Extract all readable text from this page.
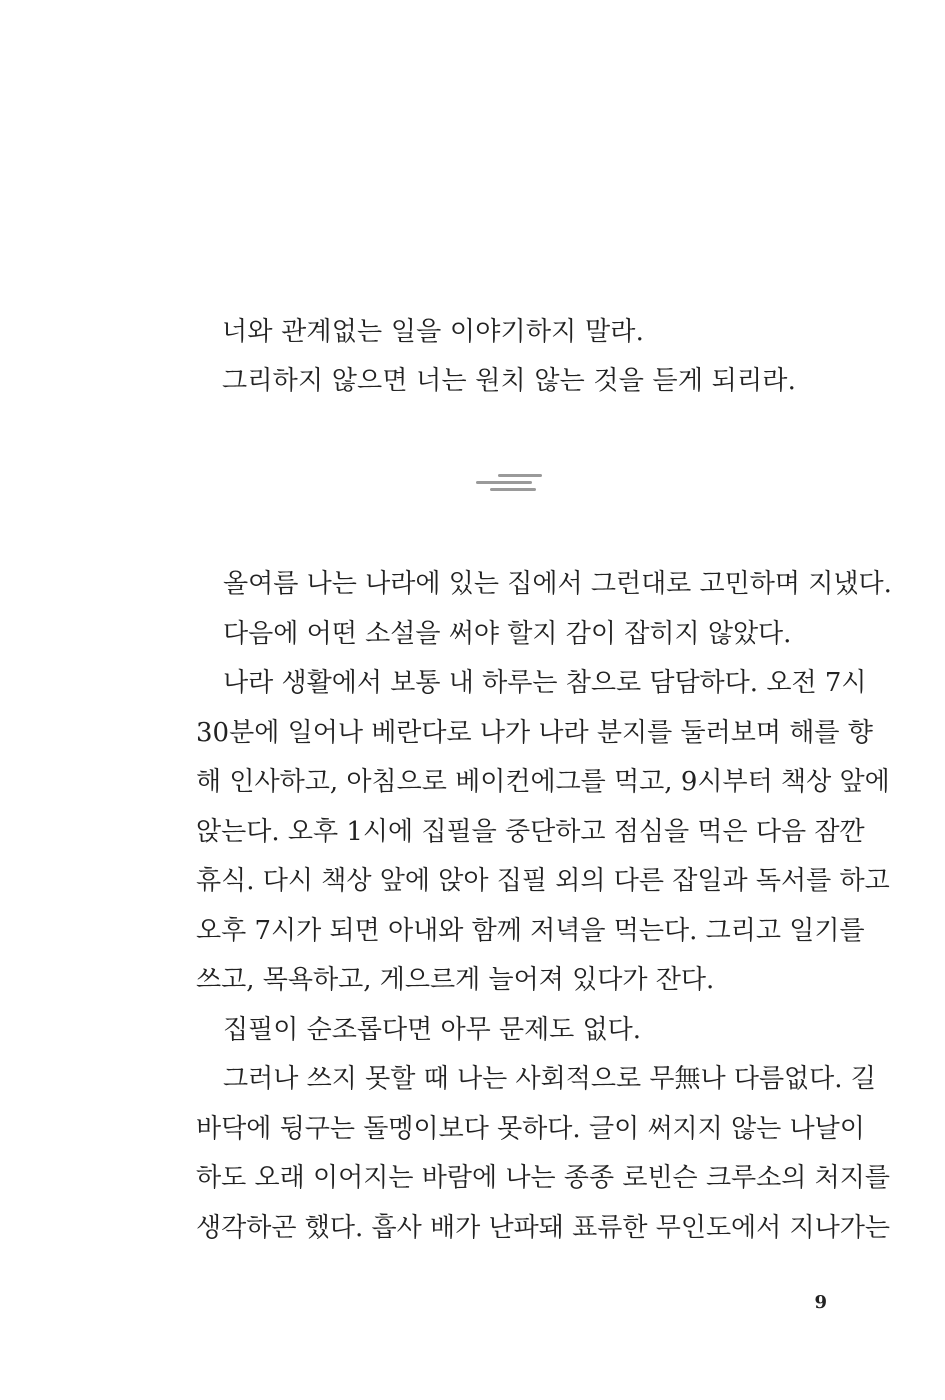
너와 관계없는 일을 이야기하지 말라.
그리하지 않으면 너는 원치 않는 것을 듣게 되리라.
올여름 나는 나라에 있는 집에서 그런대로 고민하며 지냈다.
다음에 어떤 소설을 써야 할지 감이 잡히지 않았다.
나라 생활에서 보통 내 하루는 참으로 담담하다. 오전 7시
30분에 일어나 베란다로 나가 나라 분지를 둘러보며 해를 향
해 인사하고, 아침으로 베이컨에그를 먹고, 9시부터 책상 앞에
앉는다. 오후 1시에 집필을 중단하고 점심을 먹은 다음 잠깐
휴식. 다시 책상 앞에 앉아 집필 외의 다른 잡일과 독서를 하고
오후 7시가 되면 아내와 함께 저녁을 먹는다. 그리고 일기를
쓰고, 목욕하고, 게으르게 늘어져 있다가 잔다.
집필이 순조롭다면 아무 문제도 없다.
그러나 쓰지 못할 때 나는 사회적으로 무無나 다름없다. 길
바닥에 뒹구는 돌멩이보다 못하다. 글이 써지지 않는 나날이
하도 오래 이어지는 바람에 나는 종종 로빈슨 크루소의 처지를
생각하곤 했다. 흡사 배가 난파돼 표류한 무인도에서 지나가는
9
